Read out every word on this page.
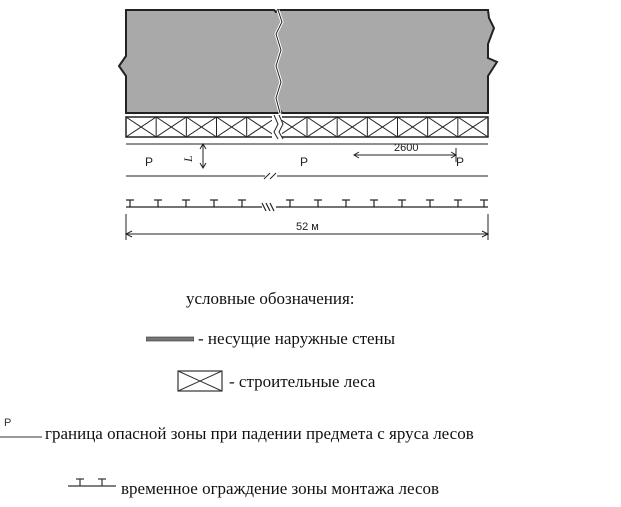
Р	Р	Р
L
2600
52 м
условные обозначения:
- несущие наружные стены
- строительные леса
Р
граница опасной зоны при падении предмета с яруса лесов
временное ограждение зоны монтажа лесов
